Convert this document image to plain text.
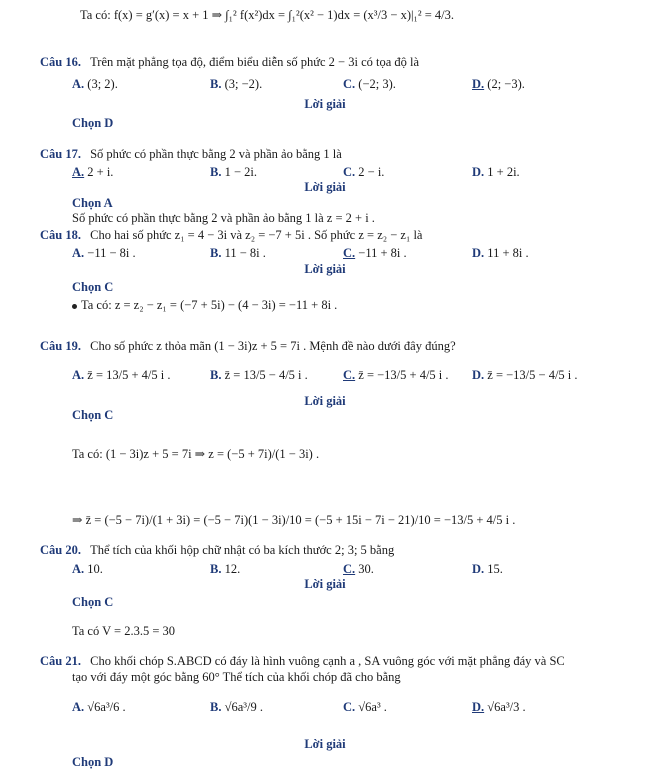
Ta có: f(x) = g′(x) = x + 1 ⇒ ∫₁² f(x²)dx = ∫₁²(x² − 1)dx = (x³/3 − x)|₁² = 4/3.
Câu 16. Trên mặt phẳng tọa độ, điểm biểu diễn số phức 2 − 3i có tọa độ là
A. (3; 2).	B. (3; −2).	C. (−2; 3).	D. (2; −3).
Lời giải
Chọn D
Câu 17. Số phức có phần thực bằng 2 và phần ảo bằng 1 là
A. 2 + i.	B. 1 − 2i.	C. 2 − i.	D. 1 + 2i.
Lời giải
Chọn A
Số phức có phần thực bằng 2 và phần ảo bằng 1 là z = 2 + i .
Câu 18. Cho hai số phức z₁ = 4 − 3i và z₂ = −7 + 5i . Số phức z = z₂ − z₁ là
A. −11 − 8i .	B. 11 − 8i .	C. −11 + 8i .	D. 11 + 8i .
Lời giải
Chọn C
Ta có: z = z₂ − z₁ = (−7 + 5i) − (4 − 3i) = −11 + 8i .
Câu 19. Cho số phức z thỏa mãn (1 − 3i)z + 5 = 7i . Mệnh đề nào dưới đây đúng?
A. z̄ = 13/5 + 4/5 i .	B. z̄ = 13/5 − 4/5 i .	C. z̄ = −13/5 + 4/5 i . D. z̄ = −13/5 − 4/5 i .
Lời giải
Chọn C
Ta có: (1 − 3i)z + 5 = 7i ⇒ z = (−5 + 7i)/(1 − 3i) .
⇒ z̄ = (−5 − 7i)/(1 + 3i) = (−5 − 7i)(1 − 3i)/10 = (−5 + 15i − 7i − 21)/10 = −13/5 + 4/5 i .
Câu 20. Thể tích của khối hộp chữ nhật có ba kích thước 2; 3; 5 bằng
A. 10.	B. 12.	C. 30.	D. 15.
Lời giải
Chọn C
Ta có V = 2.3.5 = 30
Câu 21. Cho khối chóp S.ABCD có đáy là hình vuông cạnh a , SA vuông góc với mặt phẳng đáy và SC
tạo với đáy một góc bằng 60° Thể tích của khối chóp đã cho bằng
A. √6a³/6 .	B. √6a³/9 .	C. √6a³ .	D. √6a³/3 .
Lời giải
Chọn D
